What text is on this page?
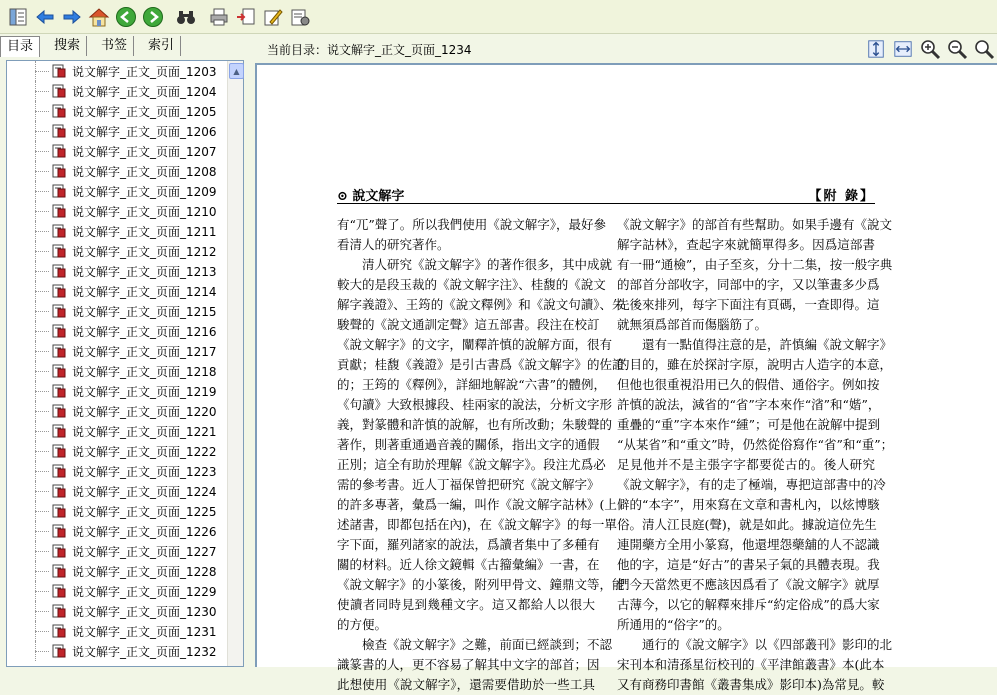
目录	搜索	书签	索引
说文解字_正文_页面_1203
说文解字_正文_页面_1204
说文解字_正文_页面_1205
说文解字_正文_页面_1206
说文解字_正文_页面_1207
说文解字_正文_页面_1208
说文解字_正文_页面_1209
说文解字_正文_页面_1210
说文解字_正文_页面_1211
说文解字_正文_页面_1212
说文解字_正文_页面_1213
说文解字_正文_页面_1214
说文解字_正文_页面_1215
说文解字_正文_页面_1216
说文解字_正文_页面_1217
说文解字_正文_页面_1218
说文解字_正文_页面_1219
说文解字_正文_页面_1220
说文解字_正文_页面_1221
说文解字_正文_页面_1222
说文解字_正文_页面_1223
说文解字_正文_页面_1224
说文解字_正文_页面_1225
说文解字_正文_页面_1226
说文解字_正文_页面_1227
说文解字_正文_页面_1228
说文解字_正文_页面_1229
说文解字_正文_页面_1230
说文解字_正文_页面_1231
说文解字_正文_页面_1232
▲
当前目录：说文解字_正文_页面_1234
⊙ 說文解字	【附 錄】
有“兀”聲了。所以我們使用《說文解字》，最好參
看清人的研究著作。
清人研究《說文解字》的著作很多，其中成就
較大的是段玉裁的《說文解字注》、桂馥的《說文
解字義證》、王筠的《說文釋例》和《說文句讀》、朱
駿聲的《說文通訓定聲》這五部書。段注在校訂
《說文解字》的文字，闡釋許慎的說解方面，很有
貢獻；桂馥《義證》是引古書爲《說文解字》的佐證
的；王筠的《釋例》，詳細地解說“六書”的體例，
《句讀》大致根據段、桂兩家的說法，分析文字形
義，對篆體和許慎的說解，也有所改動；朱駿聲的
著作，則著重通過音義的關係，指出文字的通假
正別；這全有助於理解《說文解字》。段注尤爲必
需的參考書。近人丁福保曾把研究《說文解字》
的許多專著，彙爲一編，叫作《說文解字詁林》(上
述諸書，即都包括在內)，在《說文解字》的每一單
字下面，羅列諸家的說法，爲讀者集中了多種有
關的材料。近人徐文鏡輯《古籀彙編》一書，在
《說文解字》的小篆後，附列甲骨文、鐘鼎文等，能
使讀者同時見到幾種文字。這又都給人以很大
的方便。
檢查《說文解字》之難，前面已經談到；不認
識篆書的人，更不容易了解其中文字的部首；因
此想使用《說文解字》，還需要借助於一些工具
《說文解字》的部首有些幫助。如果手邊有《說文
解字詁林》，查起字來就簡單得多。因爲這部書
有一冊“通檢”，由子至亥，分十二集，按一般字典
的部首分部收字，同部中的字，又以筆畫多少爲
先後來排列，每字下面注有頁碼，一查即得。這
就無須爲部首而傷腦筋了。
還有一點值得注意的是，許慎編《說文解字》
的目的，雖在於探討字原，說明古人造字的本意，
但他也很重視沿用已久的假借、通俗字。例如按
許慎的說法，減省的“省”字本來作“渻”和“媘”，
重疊的“重”字本來作“緟”；可是他在說解中提到
“从某省”和“重文”時，仍然從俗寫作“省”和“重”；
足見他并不是主張字字都要從古的。後人研究
《說文解字》，有的走了極端，專把這部書中的冷
僻的“本字”，用來寫在文章和書札內，以炫博駭
俗。清人江艮庭(聲)，就是如此。據說這位先生
連開藥方全用小篆寫，他還埋怨藥舖的人不認識
他的字，這是“好古”的書呆子氣的具體表現。我
們今天當然更不應該因爲看了《說文解字》就厚
古薄今，以它的解釋來排斥“約定俗成”的爲大家
所通用的“俗字”的。
通行的《說文解字》以《四部叢刊》影印的北
宋刊本和清孫星衍校刊的《平津館叢書》本(此本
又有商務印書館《叢書集成》影印本)為常見。較
